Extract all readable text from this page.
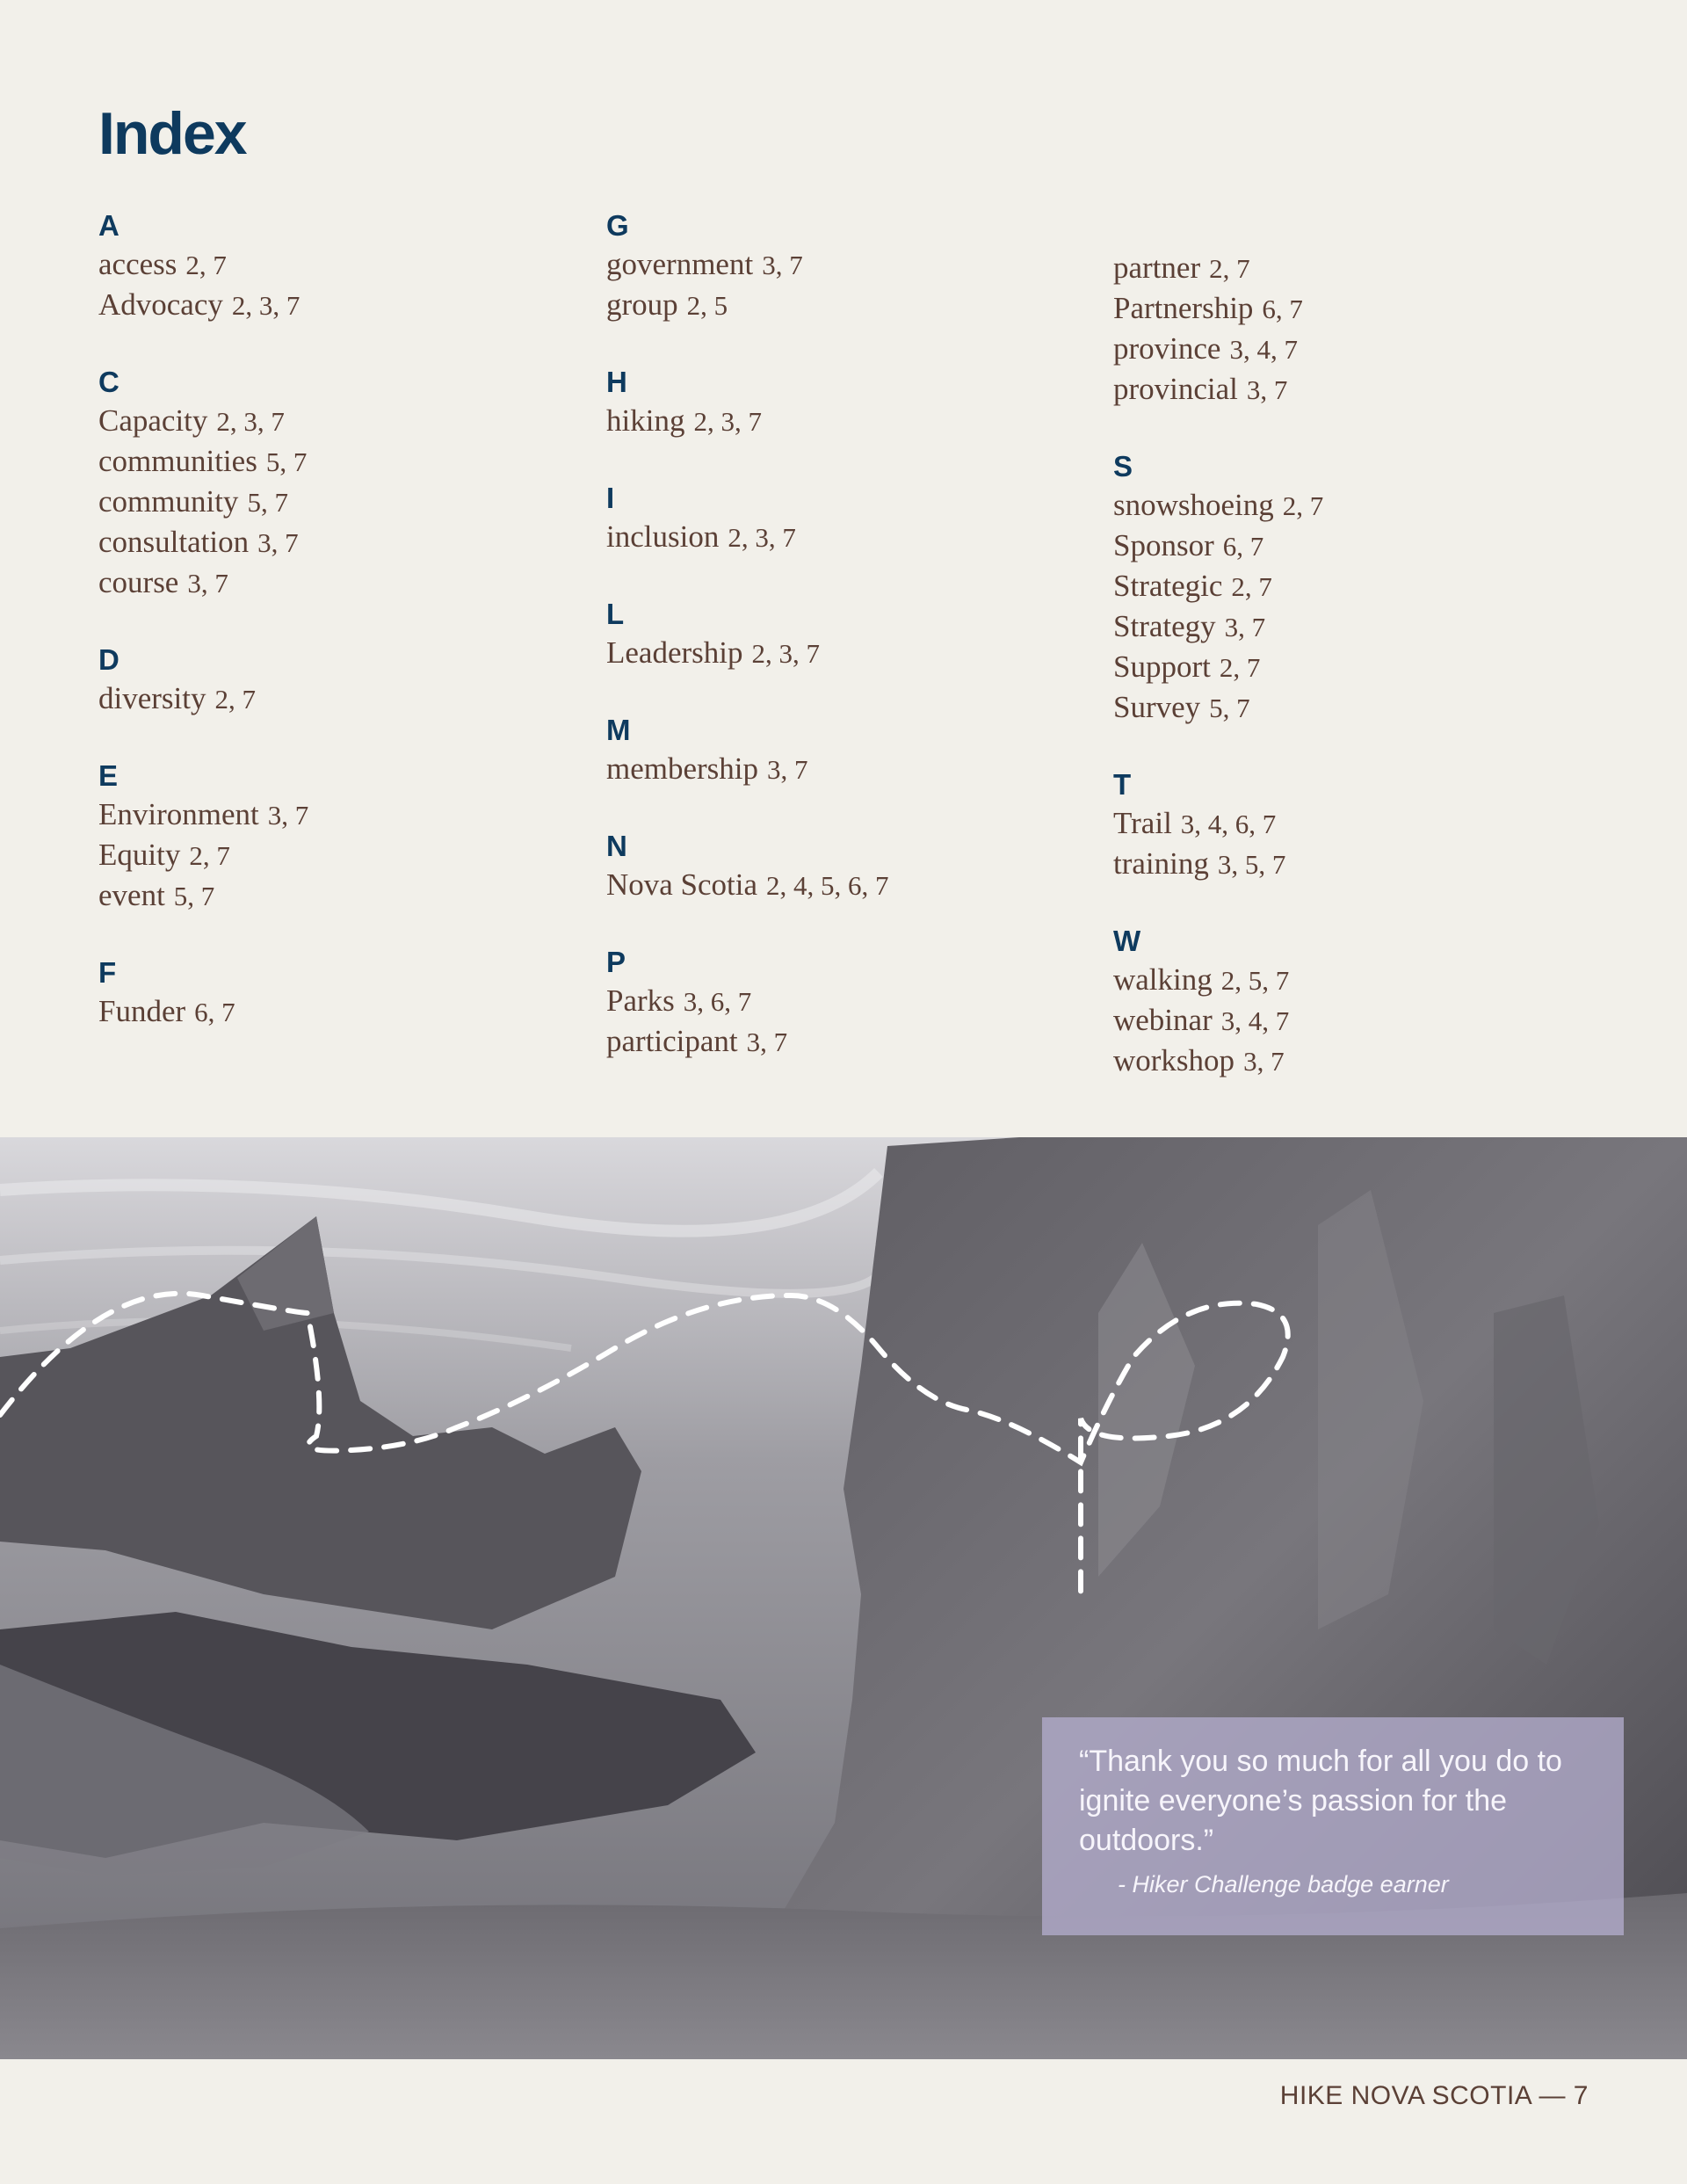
Index
A
access 2, 7
Advocacy 2, 3, 7
C
Capacity 2, 3, 7
communities 5, 7
community 5, 7
consultation 3, 7
course 3, 7
D
diversity 2, 7
E
Environment 3, 7
Equity 2, 7
event 5, 7
F
Funder 6, 7
G
government 3, 7
group 2, 5
H
hiking 2, 3, 7
I
inclusion 2, 3, 7
L
Leadership 2, 3, 7
M
membership 3, 7
N
Nova Scotia 2, 4, 5, 6, 7
P
Parks 3, 6, 7
participant 3, 7
partner 2, 7
Partnership 6, 7
province 3, 4, 7
provincial 3, 7
S
snowshoeing 2, 7
Sponsor 6, 7
Strategic 2, 7
Strategy 3, 7
Support 2, 7
Survey 5, 7
T
Trail 3, 4, 6, 7
training 3, 5, 7
W
walking 2, 5, 7
webinar 3, 4, 7
workshop 3, 7

“Thank you so much for all you do to ignite everyone’s passion for the outdoors.”

- Hiker Challenge badge earner

HIKE NOVA SCOTIA — 7
